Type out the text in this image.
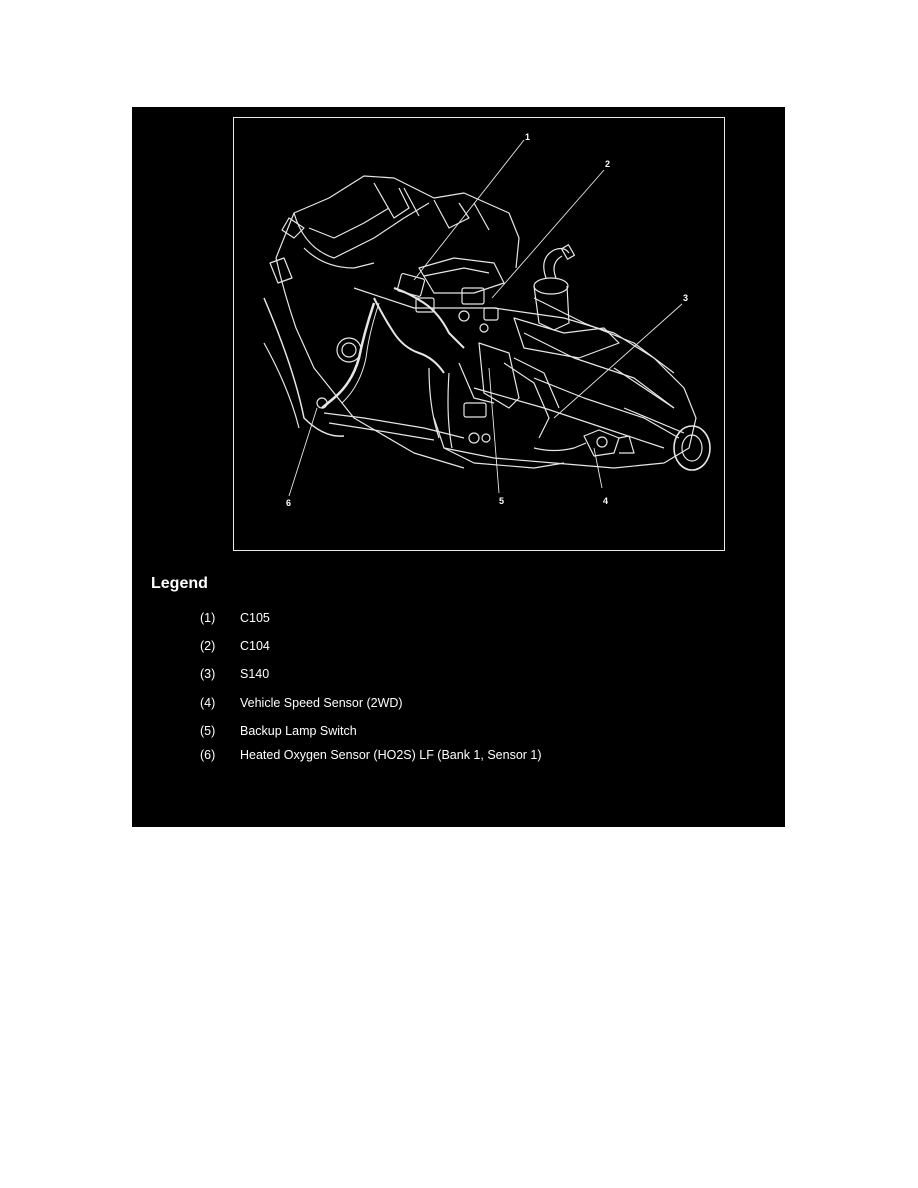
1
2
3
4
5
6
Legend
(1) C105
(2) C104
(3) S140
(4) Vehicle Speed Sensor (2WD)
(5) Backup Lamp Switch
(6) Heated Oxygen Sensor (HO2S) LF (Bank 1, Sensor 1)
